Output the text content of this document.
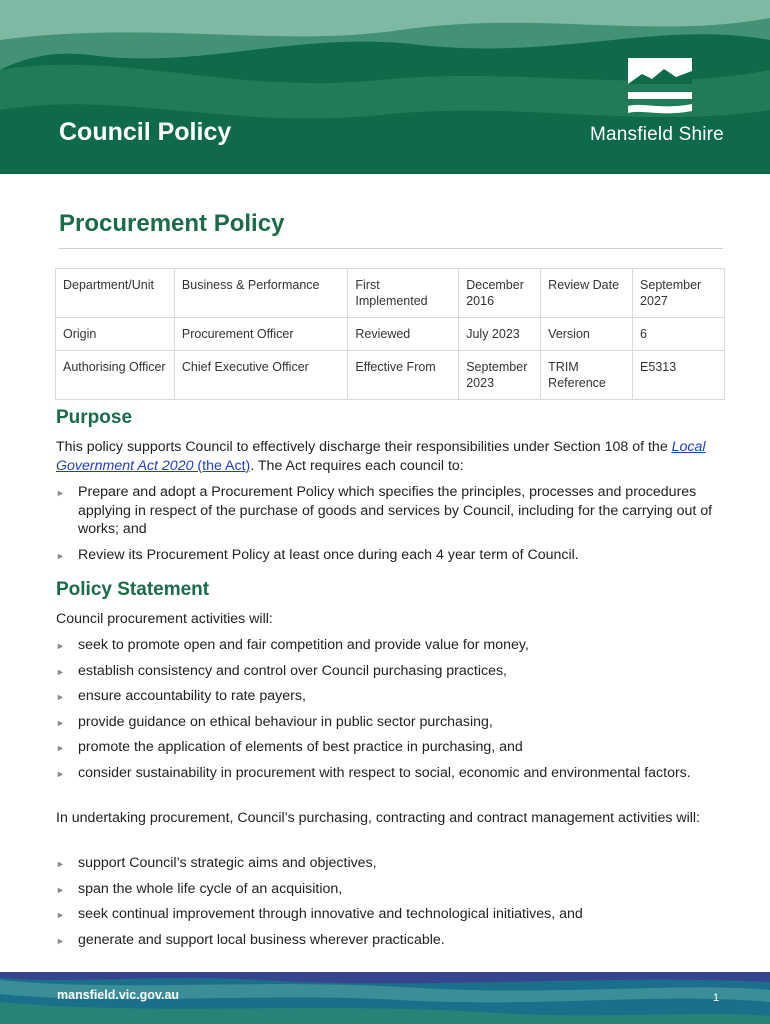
Council Policy	Mansfield Shire
Procurement Policy
Department/Unit	Business & Performance	First Implemented	December 2016	Review Date	September 2027
Origin	Procurement Officer	Reviewed	July 2023	Version	6
Authorising Officer	Chief Executive Officer	Effective From	September 2023	TRIM Reference	E5313
Purpose
This policy supports Council to effectively discharge their responsibilities under Section 108 of the Local Government Act 2020 (the Act). The Act requires each council to:
► Prepare and adopt a Procurement Policy which specifies the principles, processes and procedures applying in respect of the purchase of goods and services by Council, including for the carrying out of works; and
► Review its Procurement Policy at least once during each 4 year term of Council.
Policy Statement
Council procurement activities will:
► seek to promote open and fair competition and provide value for money,
► establish consistency and control over Council purchasing practices,
► ensure accountability to rate payers,
► provide guidance on ethical behaviour in public sector purchasing,
► promote the application of elements of best practice in purchasing, and
► consider sustainability in procurement with respect to social, economic and environmental factors.
In undertaking procurement, Council’s purchasing, contracting and contract management activities will:
► support Council’s strategic aims and objectives,
► span the whole life cycle of an acquisition,
► seek continual improvement through innovative and technological initiatives, and
► generate and support local business wherever practicable.
mansfield.vic.gov.au	1
